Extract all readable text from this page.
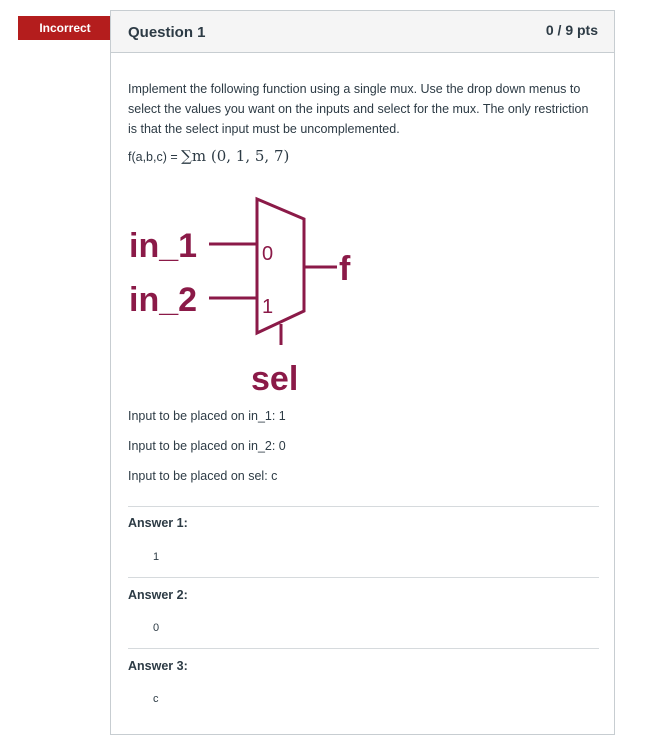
Incorrect	Question 1	0 / 9 pts

Implement the following function using a single mux. Use the drop down menus to select the values you want on the inputs and select for the mux. The only restriction is that the select input must be uncomplemented.

f(a,b,c) = ∑m (0, 1, 5, 7)
in_1
in_2
0
1
f
sel
Input to be placed on in_1: 1
Input to be placed on in_2: 0
Input to be placed on sel: c
Answer 1:
1
Answer 2:
0
Answer 3:
c
